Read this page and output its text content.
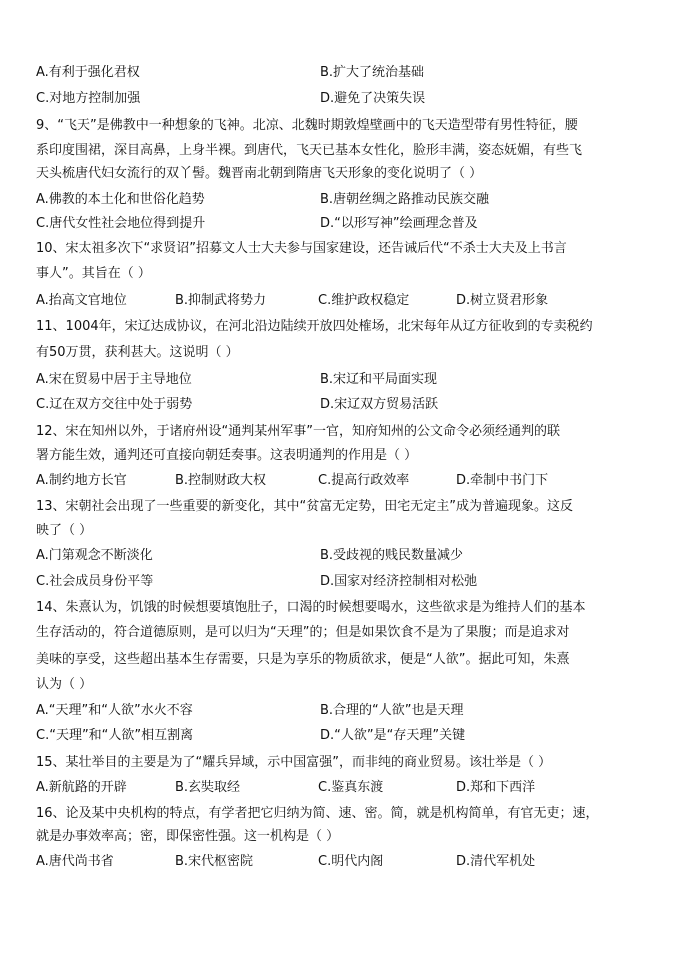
A.有利于强化君权	B.扩大了统治基础
C.对地方控制加强	D.避免了决策失误
9、“飞天”是佛教中一种想象的飞神。北凉、北魏时期敦煌壁画中的飞天造型带有男性特征，腰
系印度围裙，深目高鼻，上身半裸。到唐代，飞天已基本女性化，脸形丰满，姿态妩媚，有些飞
天头梳唐代妇女流行的双丫髻。魏晋南北朝到隋唐飞天形象的变化说明了（ ）
A.佛教的本土化和世俗化趋势	B.唐朝丝绸之路推动民族交融
C.唐代女性社会地位得到提升	D.“以形写神”绘画理念普及
10、宋太祖多次下“求贤诏”招募文人士大夫参与国家建设，还告诫后代“不杀士大夫及上书言
事人”。其旨在（ ）
A.抬高文官地位	B.抑制武将势力	C.维护政权稳定	D.树立贤君形象
11、1004年，宋辽达成协议，在河北沿边陆续开放四处榷场，北宋每年从辽方征收到的专卖税约
有50万贯，获利甚大。这说明（ ）
A.宋在贸易中居于主导地位	B.宋辽和平局面实现
C.辽在双方交往中处于弱势	D.宋辽双方贸易活跃
12、宋在知州以外，于诸府州设“通判某州军事”一官，知府知州的公文命令必须经通判的联
署方能生效，通判还可直接向朝廷奏事。这表明通判的作用是（ ）
A.制约地方长官	B.控制财政大权	C.提高行政效率	D.牵制中书门下
13、宋朝社会出现了一些重要的新变化，其中“贫富无定势，田宅无定主”成为普遍现象。这反
映了（ ）
A.门第观念不断淡化	B.受歧视的贱民数量减少
C.社会成员身份平等	D.国家对经济控制相对松弛
14、朱熹认为，饥饿的时候想要填饱肚子，口渴的时候想要喝水，这些欲求是为维持人们的基本
生存活动的，符合道德原则，是可以归为“天理”的；但是如果饮食不是为了果腹；而是追求对
美味的享受，这些超出基本生存需要，只是为享乐的物质欲求，便是“人欲”。据此可知，朱熹
认为（ ）
A.“天理”和“人欲”水火不容	B.合理的“人欲”也是天理
C.“天理”和“人欲”相互割离	D.“人欲”是“存天理”关键
15、某壮举目的主要是为了“耀兵异域，示中国富强”，而非纯的商业贸易。该壮举是（ ）
A.新航路的开辟	B.玄奘取经	C.鉴真东渡	D.郑和下西洋
16、论及某中央机构的特点，有学者把它归纳为简、速、密。简，就是机构简单，有官无吏；速，
就是办事效率高；密，即保密性强。这一机构是（ ）
A.唐代尚书省	B.宋代枢密院	C.明代内阁	D.清代军机处
